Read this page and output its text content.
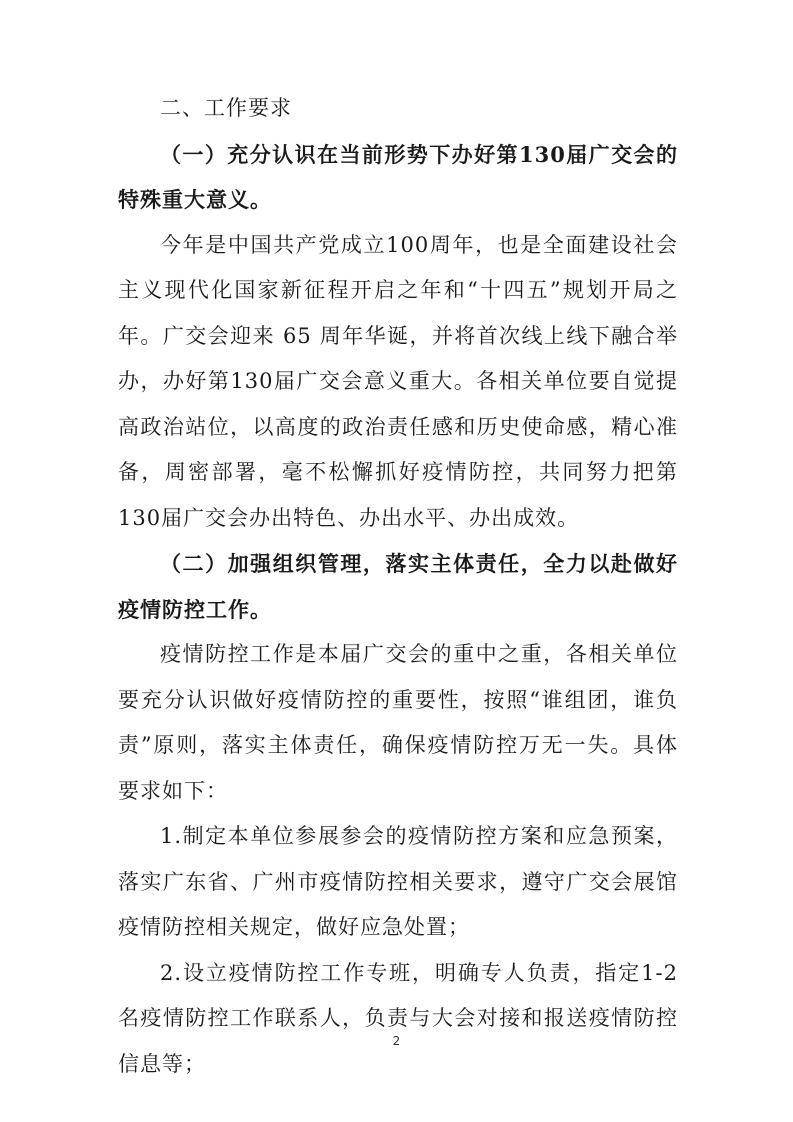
二、工作要求

（一）充分认识在当前形势下办好第130届广交会的特殊重大意义。

今年是中国共产党成立100周年，也是全面建设社会主义现代化国家新征程开启之年和“十四五”规划开局之年。广交会迎来 65 周年华诞，并将首次线上线下融合举办，办好第130届广交会意义重大。各相关单位要自觉提高政治站位，以高度的政治责任感和历史使命感，精心准备，周密部署，毫不松懈抓好疫情防控，共同努力把第130届广交会办出特色、办出水平、办出成效。

（二）加强组织管理，落实主体责任，全力以赴做好疫情防控工作。

疫情防控工作是本届广交会的重中之重，各相关单位要充分认识做好疫情防控的重要性，按照“谁组团，谁负责”原则，落实主体责任，确保疫情防控万无一失。具体要求如下：

1.制定本单位参展参会的疫情防控方案和应急预案，落实广东省、广州市疫情防控相关要求，遵守广交会展馆疫情防控相关规定，做好应急处置；

2.设立疫情防控工作专班，明确专人负责，指定1-2名疫情防控工作联系人，负责与大会对接和报送疫情防控信息等；

2
